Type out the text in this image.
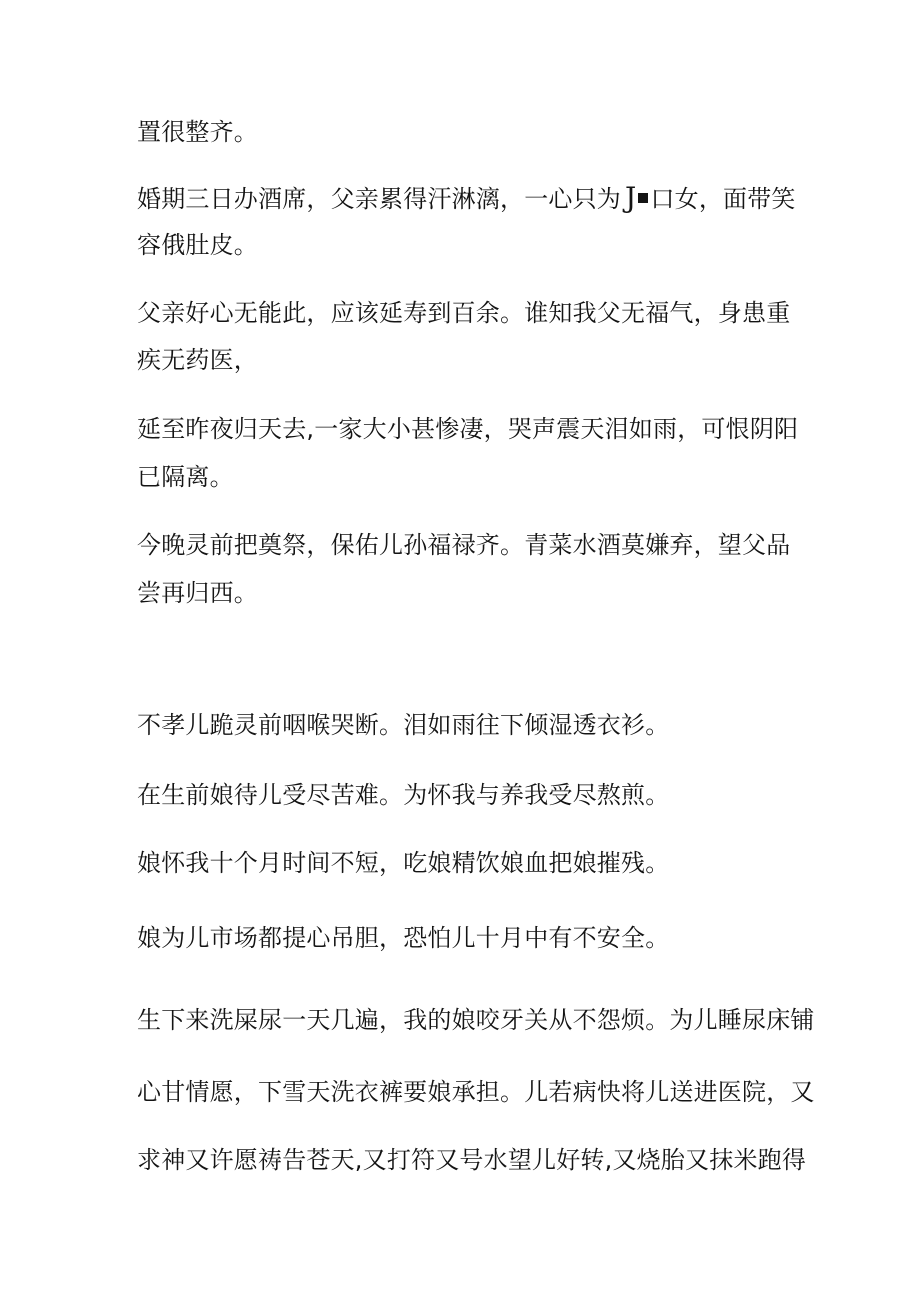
置很整齐。
婚期三日办酒席，父亲累得汗淋漓，一心只为 J 口女，面带笑
容俄肚皮。
父亲好心无能此，应该延寿到百余。谁知我父无福气，身患重
疾无药医，
延至昨夜归天去,一家大小甚惨凄，哭声震天泪如雨，可恨阴阳
已隔离。
今晚灵前把奠祭，保佑儿孙福禄齐。青菜水酒莫嫌弃，望父品
尝再归西。
不孝儿跪灵前咽喉哭断。泪如雨往下倾湿透衣衫。
在生前娘待儿受尽苦难。为怀我与养我受尽熬煎。
娘怀我十个月时间不短，吃娘精饮娘血把娘摧残。
娘为儿市场都提心吊胆，恐怕儿十月中有不安全。
生下来洗屎尿一天几遍，我的娘咬牙关从不怨烦。为儿睡尿床铺
心甘情愿，下雪天洗衣裤要娘承担。儿若病快将儿送进医院，又
求神又许愿祷告苍天,又打符又号水望儿好转,又烧胎又抹米跑得
